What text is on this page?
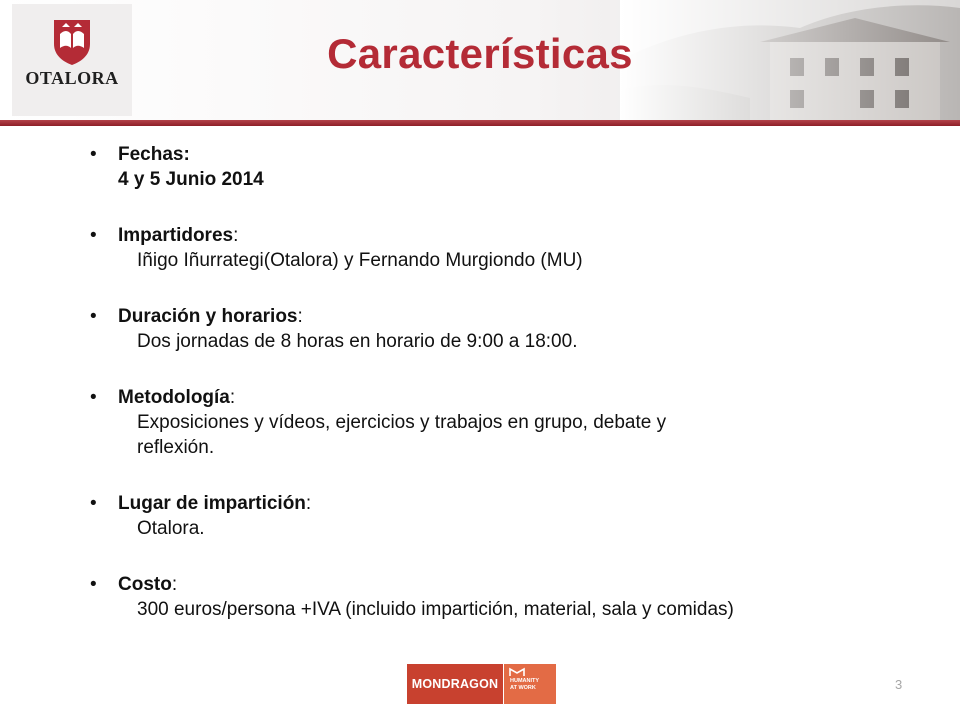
OTALORA
Características
• Fechas:
4 y 5 Junio 2014
• Impartidores:
Iñigo Iñurrategi(Otalora) y Fernando Murgiondo (MU)
• Duración y horarios:
Dos jornadas de 8 horas en horario de 9:00 a 18:00.
• Metodología:
Exposiciones y vídeos, ejercicios y trabajos en grupo, debate y
reflexión.
• Lugar de impartición:
Otalora.
• Costo:
300 euros/persona +IVA (incluido impartición, material, sala y comidas)
MONDRAGON	HUMANITY
AT WORK	3
